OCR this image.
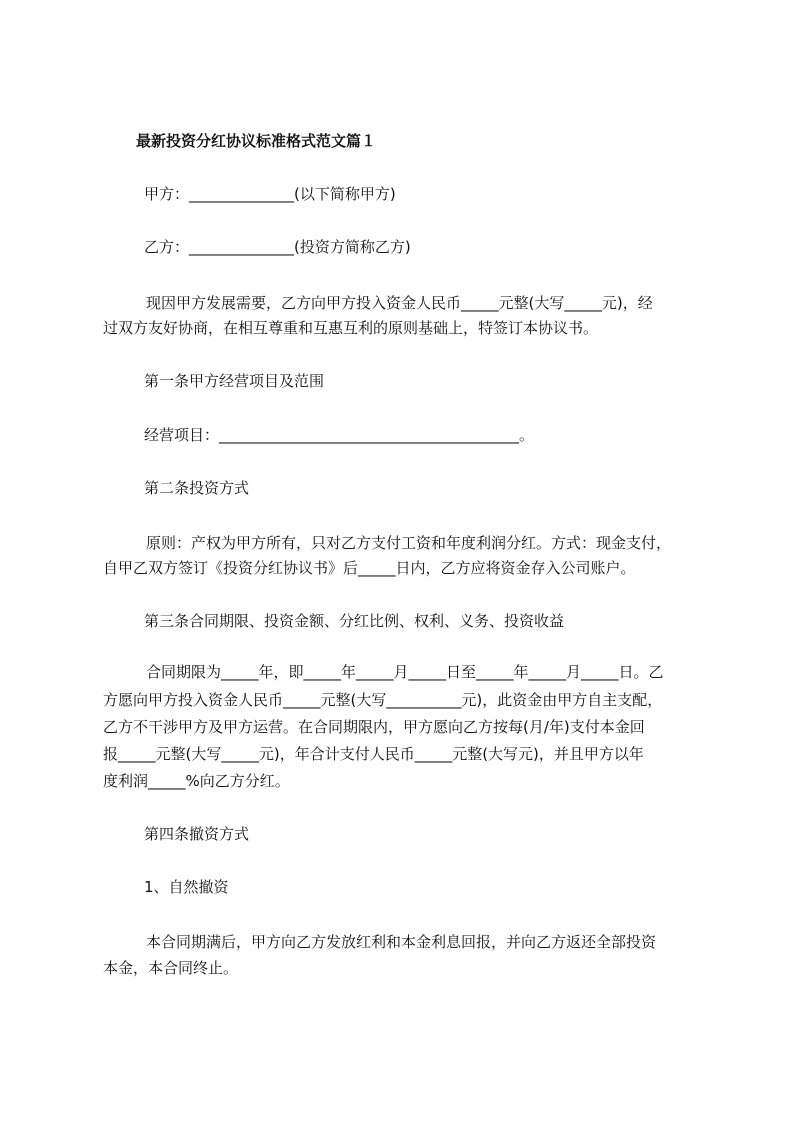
最新投资分红协议标准格式范文篇１
甲方：______________(以下简称甲方)
乙方：______________(投资方简称乙方)
现因甲方发展需要，乙方向甲方投入资金人民币_____元整(大写_____元)，经
过双方友好协商，在相互尊重和互惠互利的原则基础上，特签订本协议书。
第一条甲方经营项目及范围
经营项目：________________________________________。
第二条投资方式
原则：产权为甲方所有，只对乙方支付工资和年度利润分红。方式：现金支付，
自甲乙双方签订《投资分红协议书》后_____日内，乙方应将资金存入公司账户。
第三条合同期限、投资金额、分红比例、权利、义务、投资收益
合同期限为_____年，即_____年_____月_____日至_____年_____月_____日。乙
方愿向甲方投入资金人民币_____元整(大写__________元)，此资金由甲方自主支配，
乙方不干涉甲方及甲方运营。在合同期限内，甲方愿向乙方按每(月/年)支付本金回
报_____元整(大写_____元)，年合计支付人民币_____元整(大写元)，并且甲方以年
度利润_____%向乙方分红。
第四条撤资方式
1、自然撤资
本合同期满后，甲方向乙方发放红利和本金利息回报，并向乙方返还全部投资
本金，本合同终止。
